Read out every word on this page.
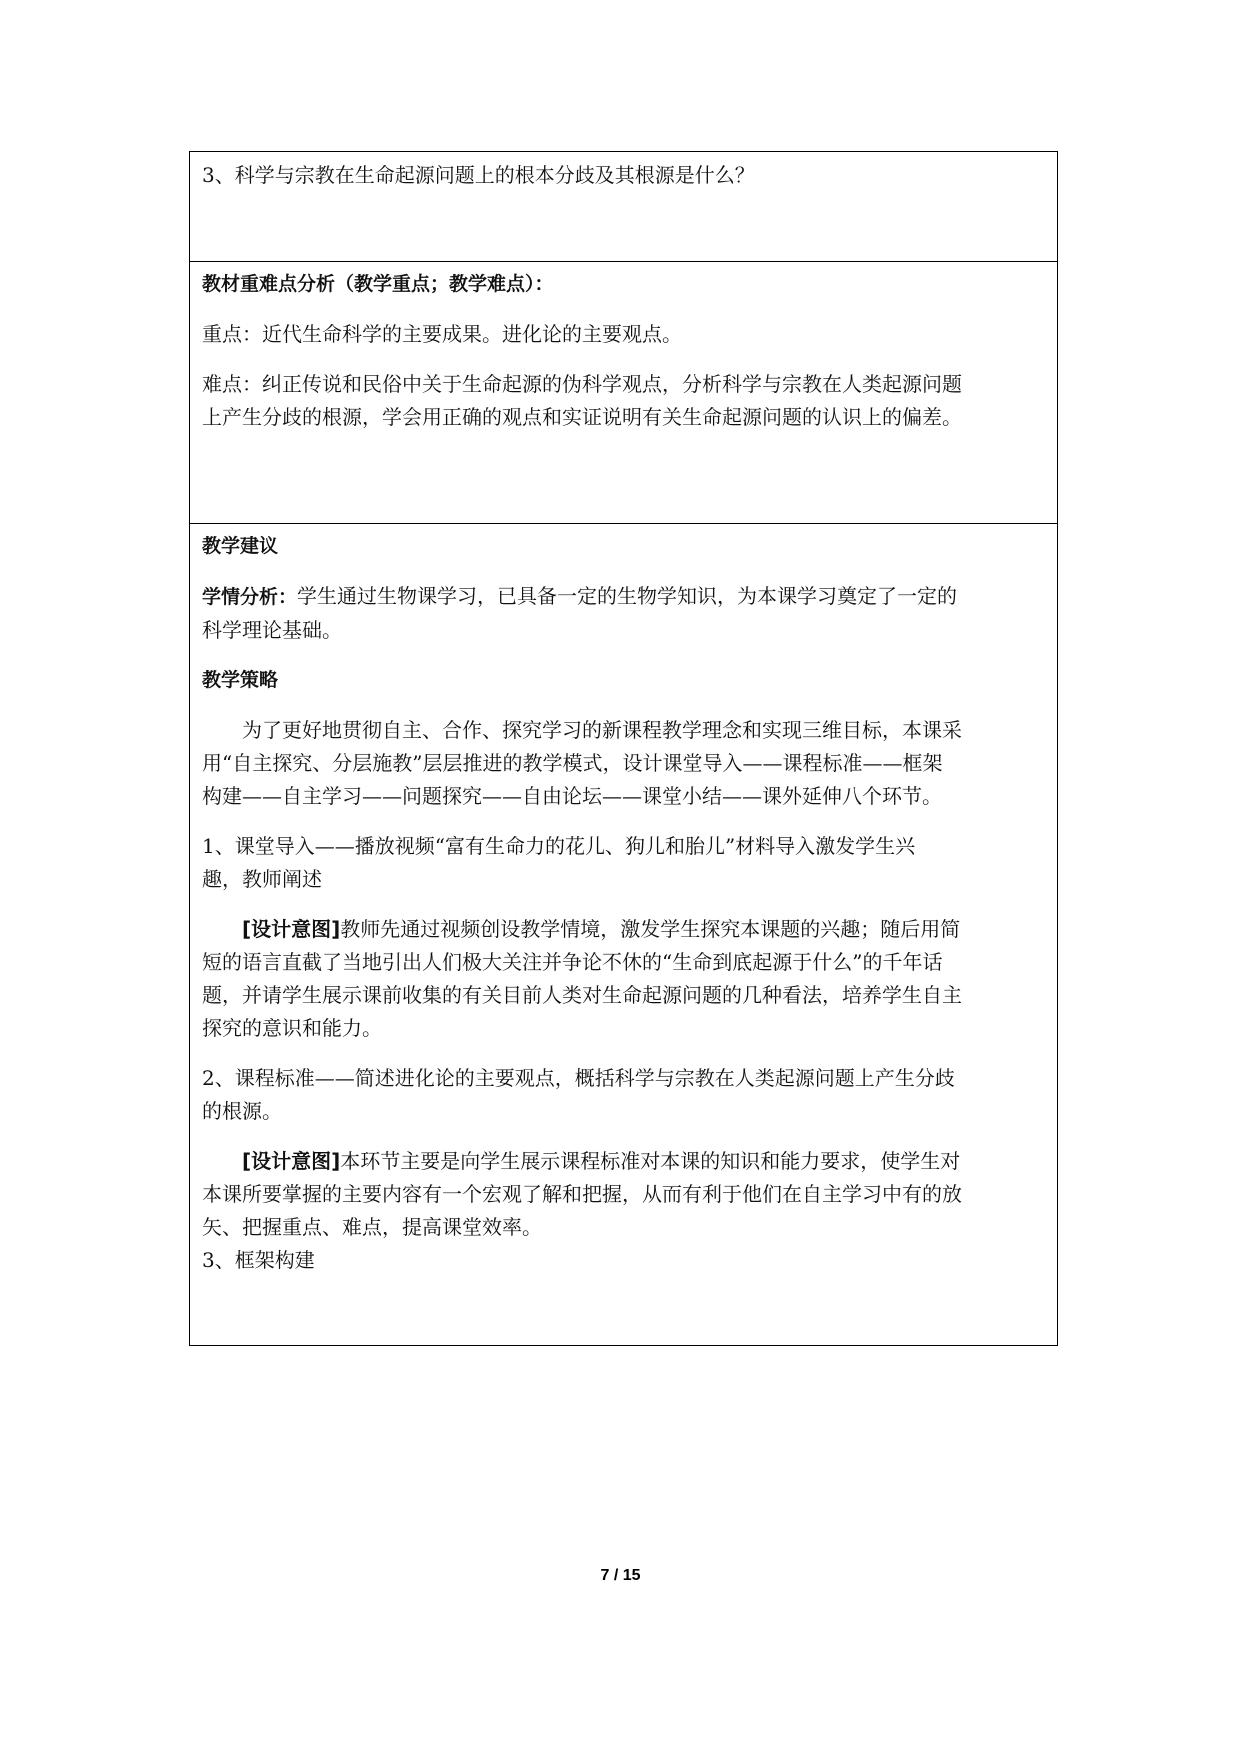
3、科学与宗教在生命起源问题上的根本分歧及其根源是什么？

教材重难点分析（教学重点；教学难点）：

重点：近代生命科学的主要成果。进化论的主要观点。

难点：纠正传说和民俗中关于生命起源的伪科学观点，分析科学与宗教在人类起源问题

上产生分歧的根源，学会用正确的观点和实证说明有关生命起源问题的认识上的偏差。

教学建议

学情分析：学生通过生物课学习，已具备一定的生物学知识，为本课学习奠定了一定的

科学理论基础。

教学策略

为了更好地贯彻自主、合作、探究学习的新课程教学理念和实现三维目标，本课采

用“自主探究、分层施教”层层推进的教学模式，设计课堂导入——课程标准——框架

构建——自主学习——问题探究——自由论坛——课堂小结——课外延伸八个环节。

1、课堂导入——播放视频“富有生命力的花儿、狗儿和胎儿”材料导入激发学生兴

趣，教师阐述

[设计意图]教师先通过视频创设教学情境，激发学生探究本课题的兴趣；随后用简

短的语言直截了当地引出人们极大关注并争论不休的“生命到底起源于什么”的千年话

题，并请学生展示课前收集的有关目前人类对生命起源问题的几种看法，培养学生自主

探究的意识和能力。

2、课程标准——简述进化论的主要观点，概括科学与宗教在人类起源问题上产生分歧

的根源。

[设计意图]本环节主要是向学生展示课程标准对本课的知识和能力要求，使学生对

本课所要掌握的主要内容有一个宏观了解和把握，从而有利于他们在自主学习中有的放

矢、把握重点、难点，提高课堂效率。

3、框架构建

7 / 15
